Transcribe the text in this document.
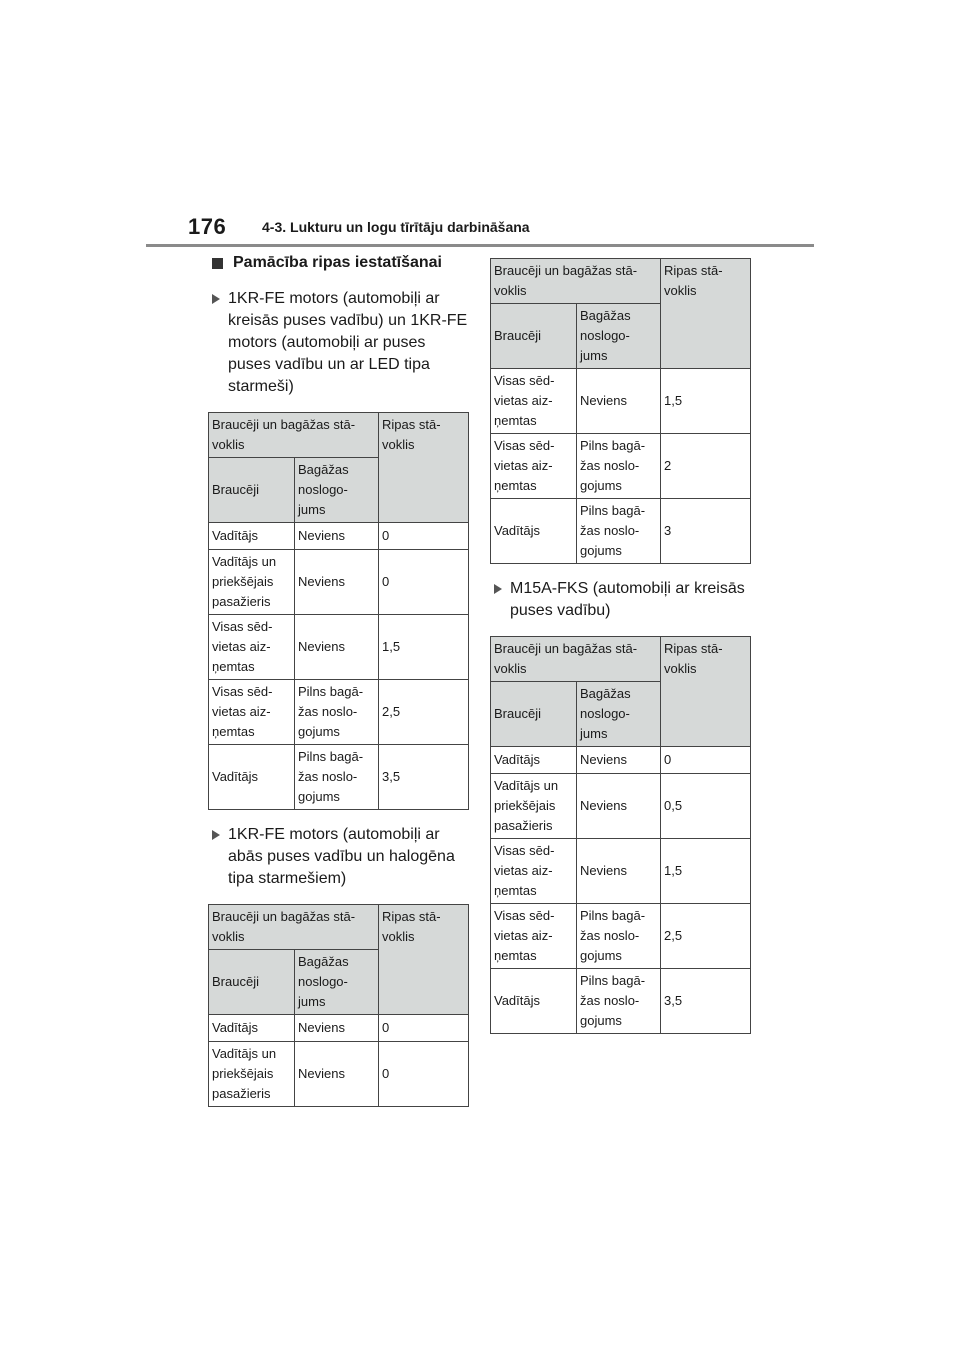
176	4-3. Lukturu un logu tīrītāju darbināšana
Pamācība ripas iestatīšanai
1KR-FE motors (automobiļi ar kreisās puses vadību) un 1KR-FE motors (automobiļi ar puses puses vadību un ar LED tipa starmeši)
Braucēji un bagāžas stā-voklis		Ripas stā-voklis
Braucēji	Bagāžas noslogo-jums	
Vadītājs	Neviens	0
Vadītājs un priekšējais pasažieris	Neviens	0
Visas sēd-vietas aiz-ņemtas	Neviens	1,5
Visas sēd-vietas aiz-ņemtas	Pilns bagā-žas noslo-gojums	2,5
Vadītājs	Pilns bagā-žas noslo-gojums	3,5
1KR-FE motors (automobiļi ar abās puses vadību un halogēna tipa starmešiem)
Braucēji un bagāžas stā-voklis		Ripas stā-voklis
Braucēji	Bagāžas noslogo-jums	
Vadītājs	Neviens	0
Vadītājs un priekšējais pasažieris	Neviens	0
Braucēji un bagāžas stā-voklis		Ripas stā-voklis
Braucēji	Bagāžas noslogo-jums	
Visas sēd-vietas aiz-ņemtas	Neviens	1,5
Visas sēd-vietas aiz-ņemtas	Pilns bagā-žas noslo-gojums	2
Vadītājs	Pilns bagā-žas noslo-gojums	3
M15A-FKS (automobiļi ar kreisās puses vadību)
Braucēji un bagāžas stā-voklis		Ripas stā-voklis
Braucēji	Bagāžas noslogo-jums	
Vadītājs	Neviens	0
Vadītājs un priekšējais pasažieris	Neviens	0,5
Visas sēd-vietas aiz-ņemtas	Neviens	1,5
Visas sēd-vietas aiz-ņemtas	Pilns bagā-žas noslo-gojums	2,5
Vadītājs	Pilns bagā-žas noslo-gojums	3,5
